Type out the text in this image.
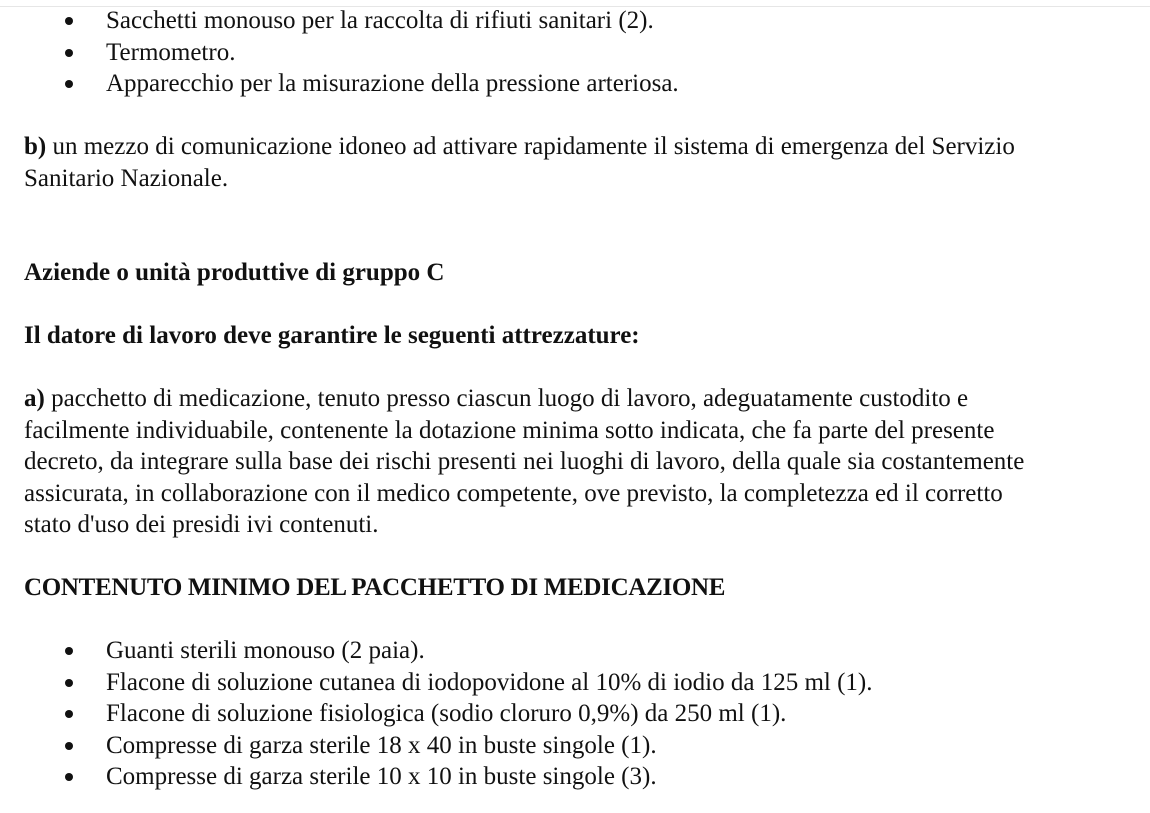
Sacchetti monouso per la raccolta di rifiuti sanitari (2).
Termometro.
Apparecchio per la misurazione della pressione arteriosa.

b) un mezzo di comunicazione idoneo ad attivare rapidamente il sistema di emergenza del Servizio
Sanitario Nazionale.

Aziende o unità produttive di gruppo C

Il datore di lavoro deve garantire le seguenti attrezzature:

a) pacchetto di medicazione, tenuto presso ciascun luogo di lavoro, adeguatamente custodito e
facilmente individuabile, contenente la dotazione minima sotto indicata, che fa parte del presente
decreto, da integrare sulla base dei rischi presenti nei luoghi di lavoro, della quale sia costantemente
assicurata, in collaborazione con il medico competente, ove previsto, la completezza ed il corretto
stato d'uso dei presidi ivi contenuti.

CONTENUTO MINIMO DEL PACCHETTO DI MEDICAZIONE

Guanti sterili monouso (2 paia).
Flacone di soluzione cutanea di iodopovidone al 10% di iodio da 125 ml (1).
Flacone di soluzione fisiologica (sodio cloruro 0,9%) da 250 ml (1).
Compresse di garza sterile 18 x 40 in buste singole (1).
Compresse di garza sterile 10 x 10 in buste singole (3).
